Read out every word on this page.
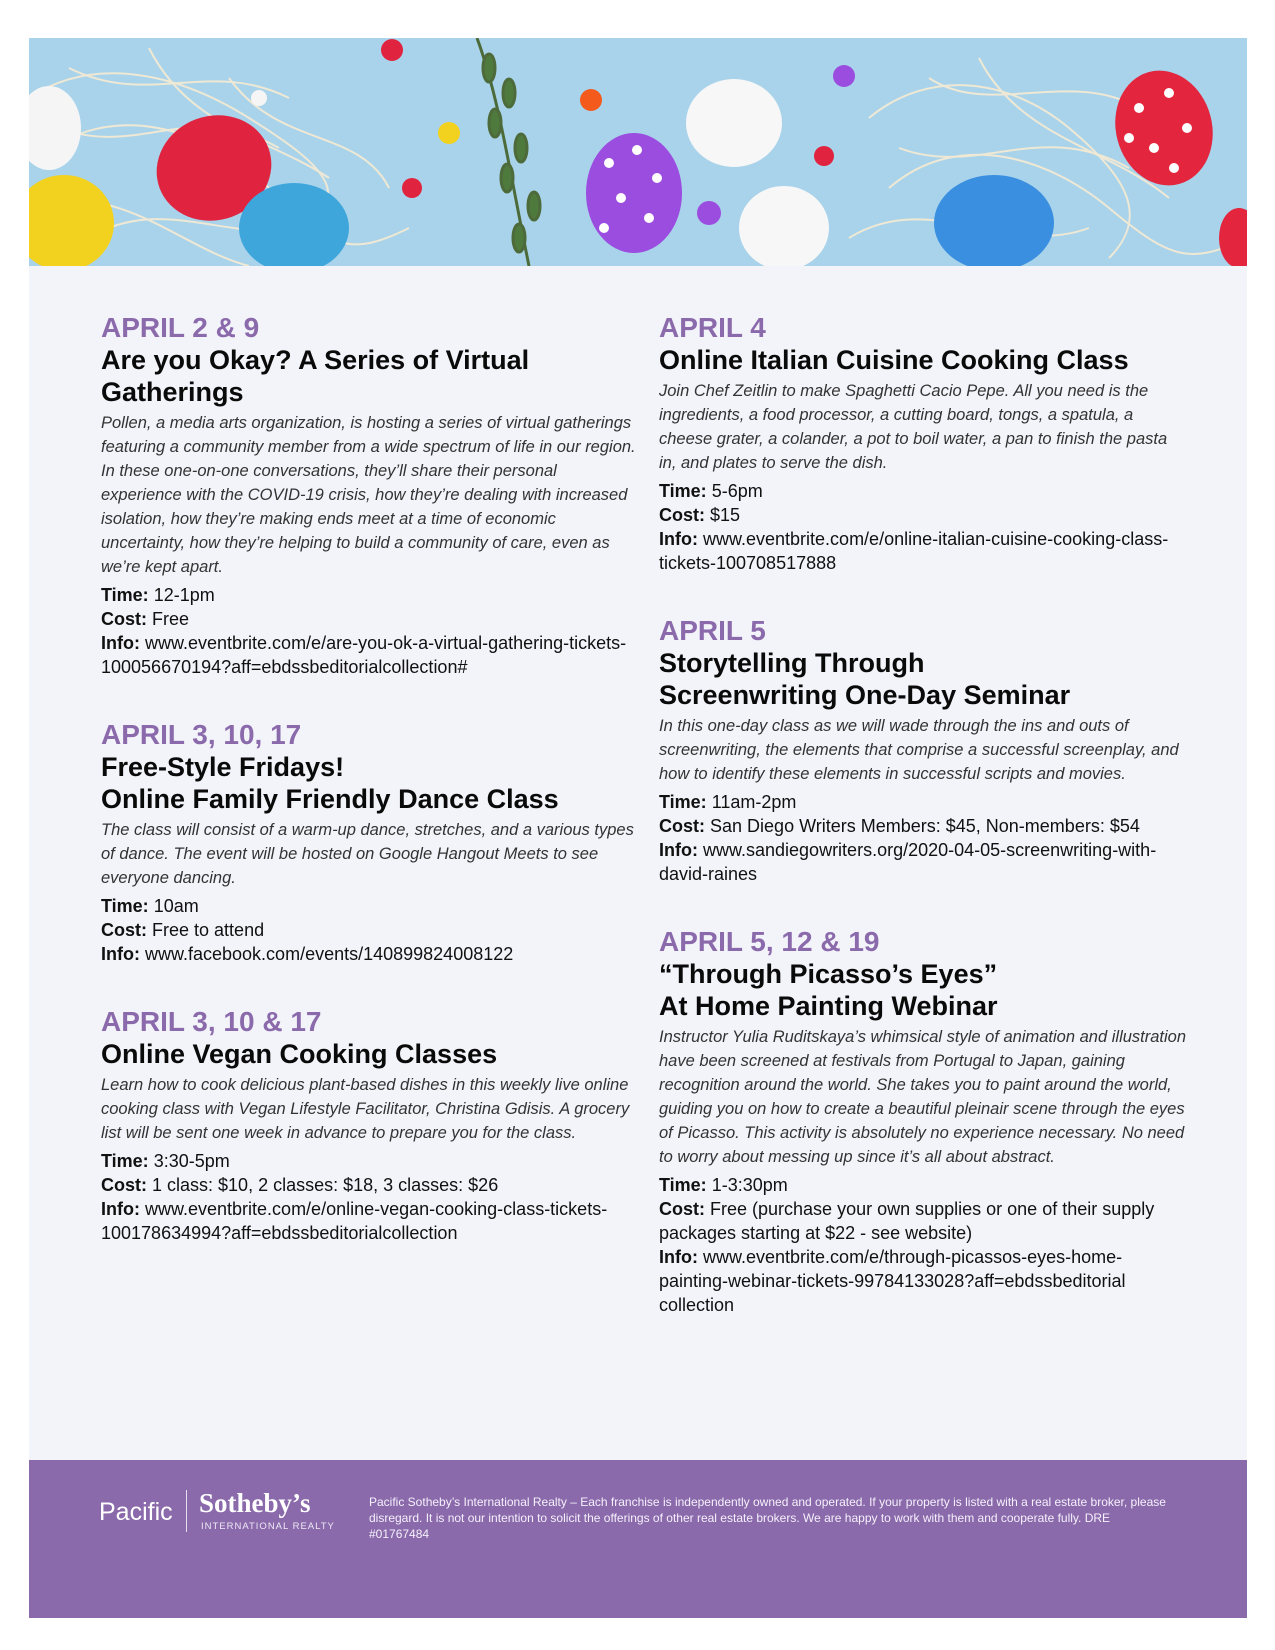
APRIL 2 & 9
Are you Okay? A Series of Virtual
Gatherings
Pollen, a media arts organization, is hosting a series of virtual gatherings featuring a community member from a wide spectrum of life in our region. In these one-on-one conversations, they’ll share their personal experience with the COVID-19 crisis, how they’re dealing with increased isolation, how they’re making ends meet at a time of economic uncertainty, how they’re helping to build a community of care, even as we’re kept apart.
Time: 12-1pm
Cost: Free
Info: www.eventbrite.com/e/are-you-ok-a-virtual-gathering-tickets-100056670194?aff=ebdssbeditorialcollection#
APRIL 3, 10, 17
Free-Style Fridays!
Online Family Friendly Dance Class
The class will consist of a warm-up dance, stretches, and a various types of dance. The event will be hosted on Google Hangout Meets to see everyone dancing.
Time: 10am
Cost: Free to attend
Info: www.facebook.com/events/140899824008122
APRIL 3, 10 & 17
Online Vegan Cooking Classes
Learn how to cook delicious plant-based dishes in this weekly live online cooking class with Vegan Lifestyle Facilitator, Christina Gdisis. A grocery list will be sent one week in advance to prepare you for the class.
Time: 3:30-5pm
Cost: 1 class: $10, 2 classes: $18, 3 classes: $26
Info: www.eventbrite.com/e/online-vegan-cooking-class-tickets-100178634994?aff=ebdssbeditorialcollection
APRIL 4
Online Italian Cuisine Cooking Class
Join Chef Zeitlin to make Spaghetti Cacio Pepe. All you need is the ingredients, a food processor, a cutting board, tongs, a spatula, a cheese grater, a colander, a pot to boil water, a pan to finish the pasta in, and plates to serve the dish.
Time: 5-6pm
Cost: $15
Info: www.eventbrite.com/e/online-italian-cuisine-cooking-class-tickets-100708517888
APRIL 5
Storytelling Through
Screenwriting One-Day Seminar
In this one-day class as we will wade through the ins and outs of screenwriting, the elements that comprise a successful screenplay, and how to identify these elements in successful scripts and movies.
Time: 11am-2pm
Cost: San Diego Writers Members: $45, Non-members: $54
Info: www.sandiegowriters.org/2020-04-05-screenwriting-with-david-raines
APRIL 5, 12 & 19
“Through Picasso’s Eyes”
At Home Painting Webinar
Instructor Yulia Ruditskaya’s whimsical style of animation and illustration have been screened at festivals from Portugal to Japan, gaining recognition around the world. She takes you to paint around the world, guiding you on how to create a beautiful pleinair scene through the eyes of Picasso. This activity is absolutely no experience necessary. No need to worry about messing up since it’s all about abstract.
Time: 1-3:30pm
Cost: Free (purchase your own supplies or one of their supply packages starting at $22 - see website)
Info: www.eventbrite.com/e/through-picassos-eyes-home-painting-webinar-tickets-99784133028?aff=ebdssbeditorial collection
Pacific Sotheby’s
INTERNATIONAL REALTY
Pacific Sotheby’s International Realty – Each franchise is independently owned and operated. If your property is listed with a real estate broker, please disregard. It is not our intention to solicit the offerings of other real estate brokers. We are happy to work with them and cooperate fully. DRE #01767484
